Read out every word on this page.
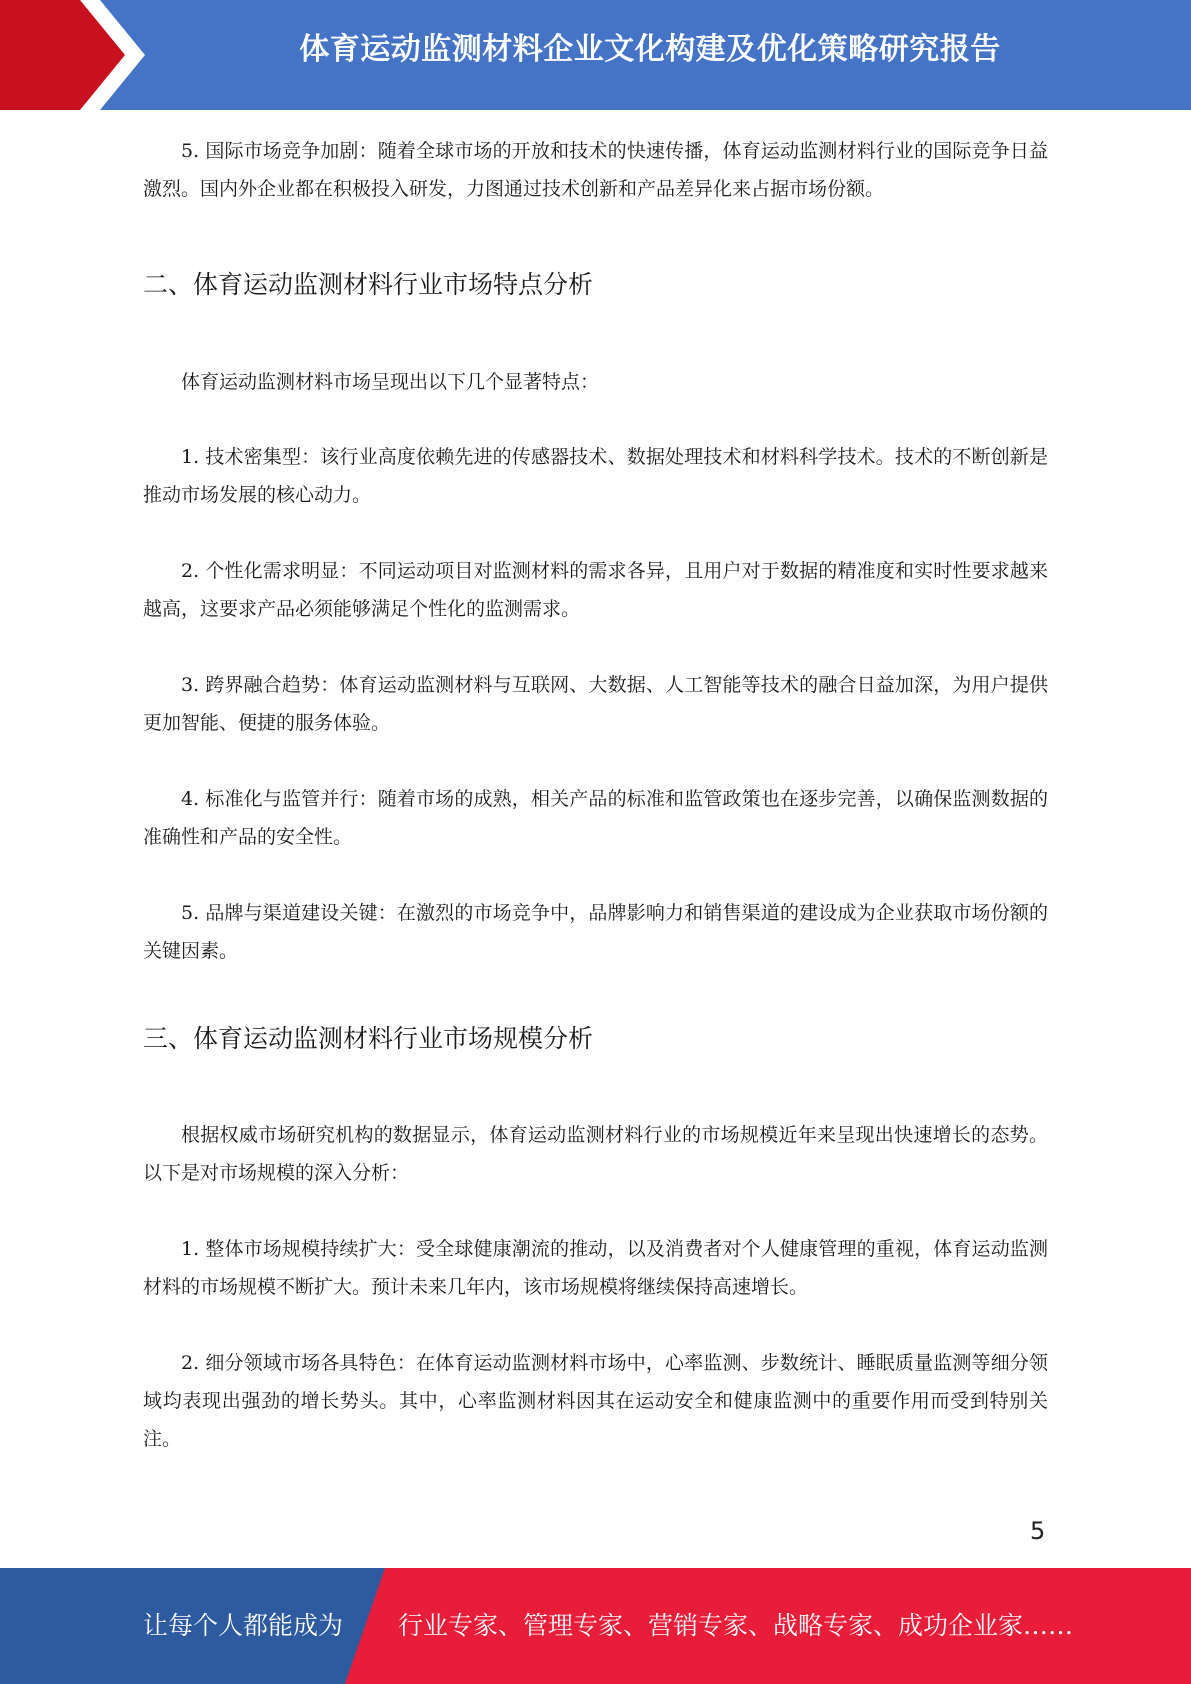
体育运动监测材料企业文化构建及优化策略研究报告

5. 国际市场竞争加剧：随着全球市场的开放和技术的快速传播，体育运动监测材料行业的国际竞争日益激烈。国内外企业都在积极投入研发，力图通过技术创新和产品差异化来占据市场份额。

二、体育运动监测材料行业市场特点分析

体育运动监测材料市场呈现出以下几个显著特点：

1. 技术密集型：该行业高度依赖先进的传感器技术、数据处理技术和材料科学技术。技术的不断创新是推动市场发展的核心动力。

2. 个性化需求明显：不同运动项目对监测材料的需求各异，且用户对于数据的精准度和实时性要求越来越高，这要求产品必须能够满足个性化的监测需求。

3. 跨界融合趋势：体育运动监测材料与互联网、大数据、人工智能等技术的融合日益加深，为用户提供更加智能、便捷的服务体验。

4. 标准化与监管并行：随着市场的成熟，相关产品的标准和监管政策也在逐步完善，以确保监测数据的准确性和产品的安全性。

5. 品牌与渠道建设关键：在激烈的市场竞争中，品牌影响力和销售渠道的建设成为企业获取市场份额的关键因素。

三、体育运动监测材料行业市场规模分析

根据权威市场研究机构的数据显示，体育运动监测材料行业的市场规模近年来呈现出快速增长的态势。以下是对市场规模的深入分析：

1. 整体市场规模持续扩大：受全球健康潮流的推动，以及消费者对个人健康管理的重视，体育运动监测材料的市场规模不断扩大。预计未来几年内，该市场规模将继续保持高速增长。

2. 细分领域市场各具特色：在体育运动监测材料市场中，心率监测、步数统计、睡眠质量监测等细分领域均表现出强劲的增长势头。其中，心率监测材料因其在运动安全和健康监测中的重要作用而受到特别关注。

5
让每个人都能成为 行业专家、管理专家、营销专家、战略专家、成功企业家……
